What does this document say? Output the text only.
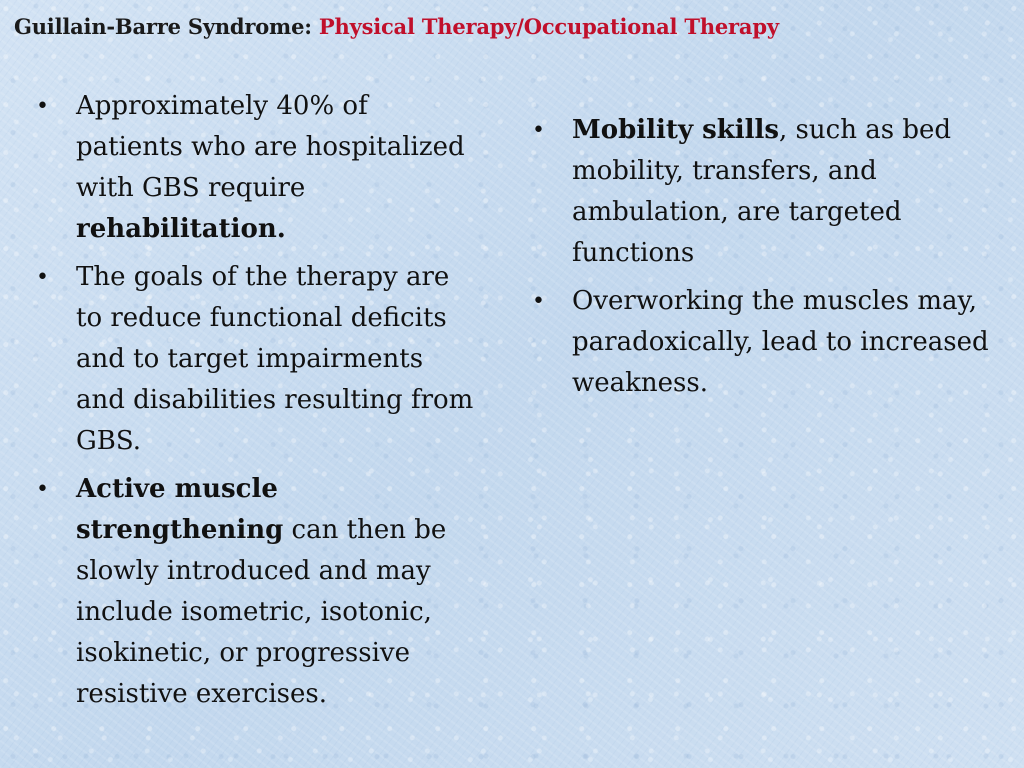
Guillain-Barre Syndrome: Physical Therapy/Occupational Therapy
• Approximately 40% of patients who are hospitalized with GBS require rehabilitation.
• The goals of the therapy are to reduce functional deficits and to target impairments and disabilities resulting from GBS.
• Active muscle strengthening can then be slowly introduced and may include isometric, isotonic, isokinetic, or progressive resistive exercises.
• Mobility skills, such as bed mobility, transfers, and ambulation, are targeted functions
• Overworking the muscles may, paradoxically, lead to increased weakness.
